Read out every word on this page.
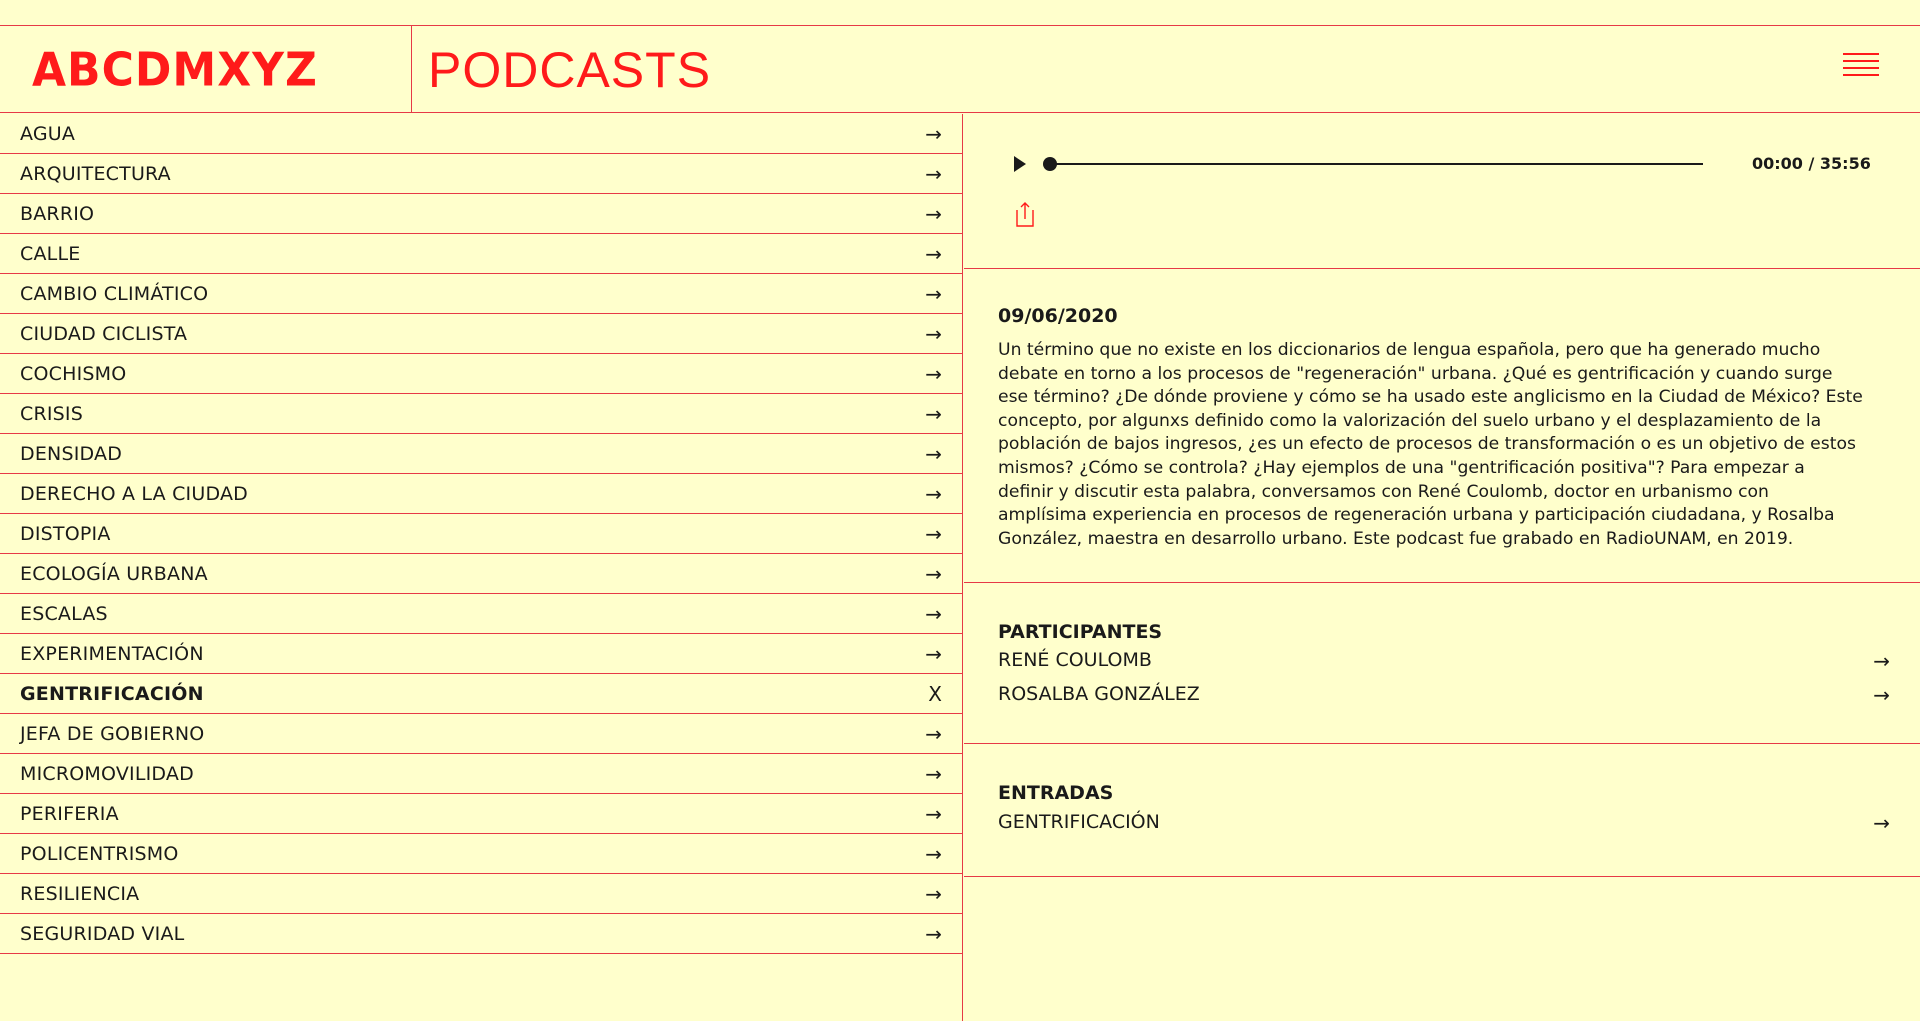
ABCDMXYZ PODCASTS
AGUA	→
ARQUITECTURA	→
BARRIO	→
CALLE	→
CAMBIO CLIMÁTICO	→
CIUDAD CICLISTA	→
COCHISMO	→
CRISIS	→
DENSIDAD	→
DERECHO A LA CIUDAD	→
DISTOPIA	→
ECOLOGÍA URBANA	→
ESCALAS	→
EXPERIMENTACIÓN	→
GENTRIFICACIÓN	X
JEFA DE GOBIERNO	→
MICROMOVILIDAD	→
PERIFERIA	→
POLICENTRISMO	→
RESILIENCIA	→
SEGURIDAD VIAL	→
00:00 / 35:56
09/06/2020
Un término que no existe en los diccionarios de lengua española, pero que ha generado mucho debate en torno a los procesos de "regeneración" urbana. ¿Qué es gentrificación y cuando surge ese término? ¿De dónde proviene y cómo se ha usado este anglicismo en la Ciudad de México? Este concepto, por algunxs definido como la valorización del suelo urbano y el desplazamiento de la población de bajos ingresos, ¿es un efecto de procesos de transformación o es un objetivo de estos mismos? ¿Cómo se controla? ¿Hay ejemplos de una "gentrificación positiva"? Para empezar a definir y discutir esta palabra, conversamos con René Coulomb, doctor en urbanismo con amplísima experiencia en procesos de regeneración urbana y participación ciudadana, y Rosalba González, maestra en desarrollo urbano. Este podcast fue grabado en RadioUNAM, en 2019.
PARTICIPANTES
RENÉ COULOMB	→
ROSALBA GONZÁLEZ	→
ENTRADAS
GENTRIFICACIÓN	→
